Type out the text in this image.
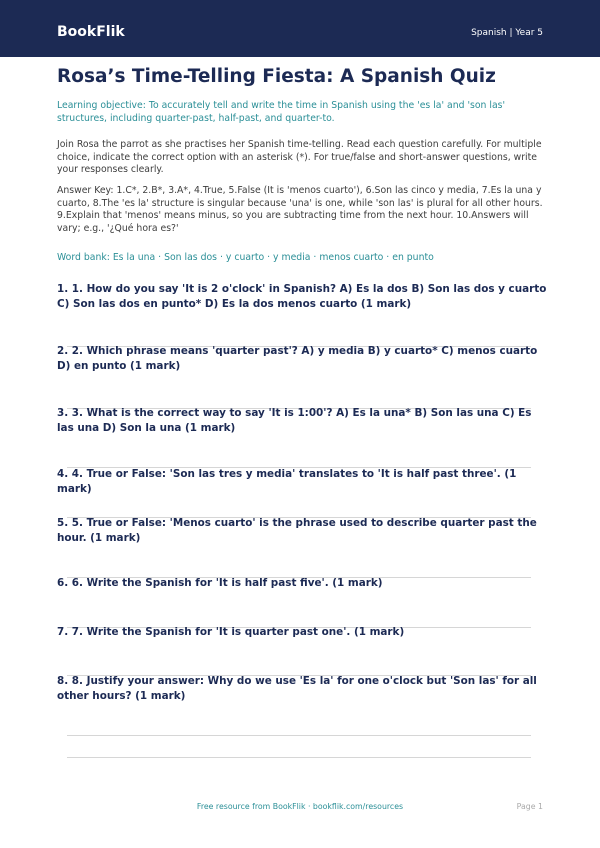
BookFlik	Spanish | Year 5
Rosa’s Time-Telling Fiesta: A Spanish Quiz
Learning objective: To accurately tell and write the time in Spanish using the 'es la' and 'son las' structures, including quarter-past, half-past, and quarter-to.
Join Rosa the parrot as she practises her Spanish time-telling. Read each question carefully. For multiple choice, indicate the correct option with an asterisk (*). For true/false and short-answer questions, write your responses clearly.
Answer Key: 1.C*, 2.B*, 3.A*, 4.True, 5.False (It is 'menos cuarto'), 6.Son las cinco y media, 7.Es la una y cuarto, 8.The 'es la' structure is singular because 'una' is one, while 'son las' is plural for all other hours. 9.Explain that 'menos' means minus, so you are subtracting time from the next hour. 10.Answers will vary; e.g., '¿Qué hora es?'
Word bank: Es la una · Son las dos · y cuarto · y media · menos cuarto · en punto
1. 1. How do you say 'It is 2 o'clock' in Spanish? A) Es la dos B) Son las dos y cuarto C) Son las dos en punto* D) Es la dos menos cuarto (1 mark)
2. 2. Which phrase means 'quarter past'? A) y media B) y cuarto* C) menos cuarto D) en punto (1 mark)
3. 3. What is the correct way to say 'It is 1:00'? A) Es la una* B) Son las una C) Es las una D) Son la una (1 mark)
4. 4. True or False: 'Son las tres y media' translates to 'It is half past three'. (1 mark)
5. 5. True or False: 'Menos cuarto' is the phrase used to describe quarter past the hour. (1 mark)
6. 6. Write the Spanish for 'It is half past five'. (1 mark)
7. 7. Write the Spanish for 'It is quarter past one'. (1 mark)
8. 8. Justify your answer: Why do we use 'Es la' for one o'clock but 'Son las' for all other hours? (1 mark)
Free resource from BookFlik · bookflik.com/resources	Page 1
